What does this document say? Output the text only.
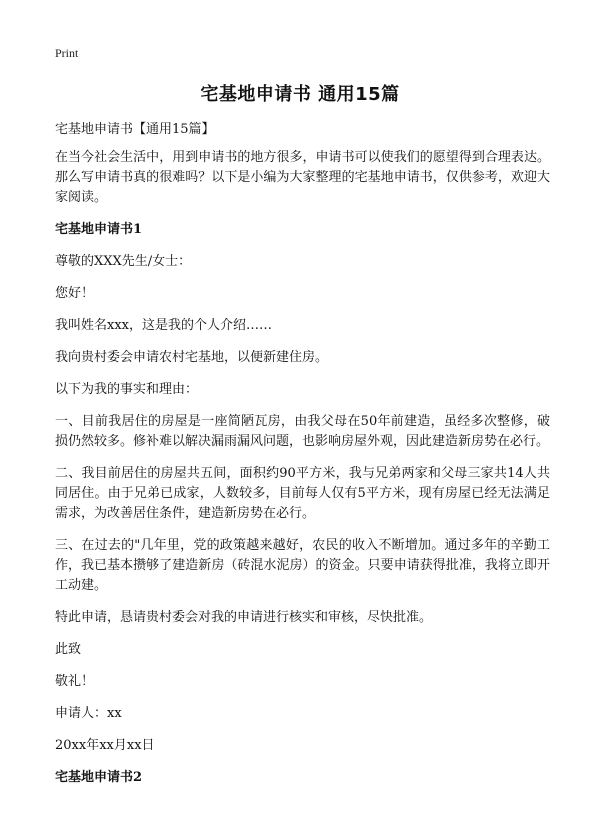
Print
宅基地申请书 通用15篇

宅基地申请书【通用15篇】

在当今社会生活中，用到申请书的地方很多，申请书可以使我们的愿望得到合理表达。那么写申请书真的很难吗？以下是小编为大家整理的宅基地申请书，仅供参考，欢迎大家阅读。

宅基地申请书1

尊敬的XXX先生/女士：

您好！

我叫姓名xxx，这是我的个人介绍……

我向贵村委会申请农村宅基地，以便新建住房。

以下为我的事实和理由：

一、目前我居住的房屋是一座简陋瓦房，由我父母在50年前建造，虽经多次整修，破损仍然较多。修补难以解决漏雨漏风问题，也影响房屋外观，因此建造新房势在必行。

二、我目前居住的房屋共五间，面积约90平方米，我与兄弟两家和父母三家共14人共同居住。由于兄弟已成家，人数较多，目前每人仅有5平方米，现有房屋已经无法满足需求，为改善居住条件，建造新房势在必行。

三、在过去的"几年里，党的政策越来越好，农民的收入不断增加。通过多年的辛勤工作，我已基本攒够了建造新房（砖混水泥房）的资金。只要申请获得批准，我将立即开工动建。

特此申请，恳请贵村委会对我的申请进行核实和审核，尽快批准。

此致

敬礼！

申请人：xx

20xx年xx月xx日

宅基地申请书2
